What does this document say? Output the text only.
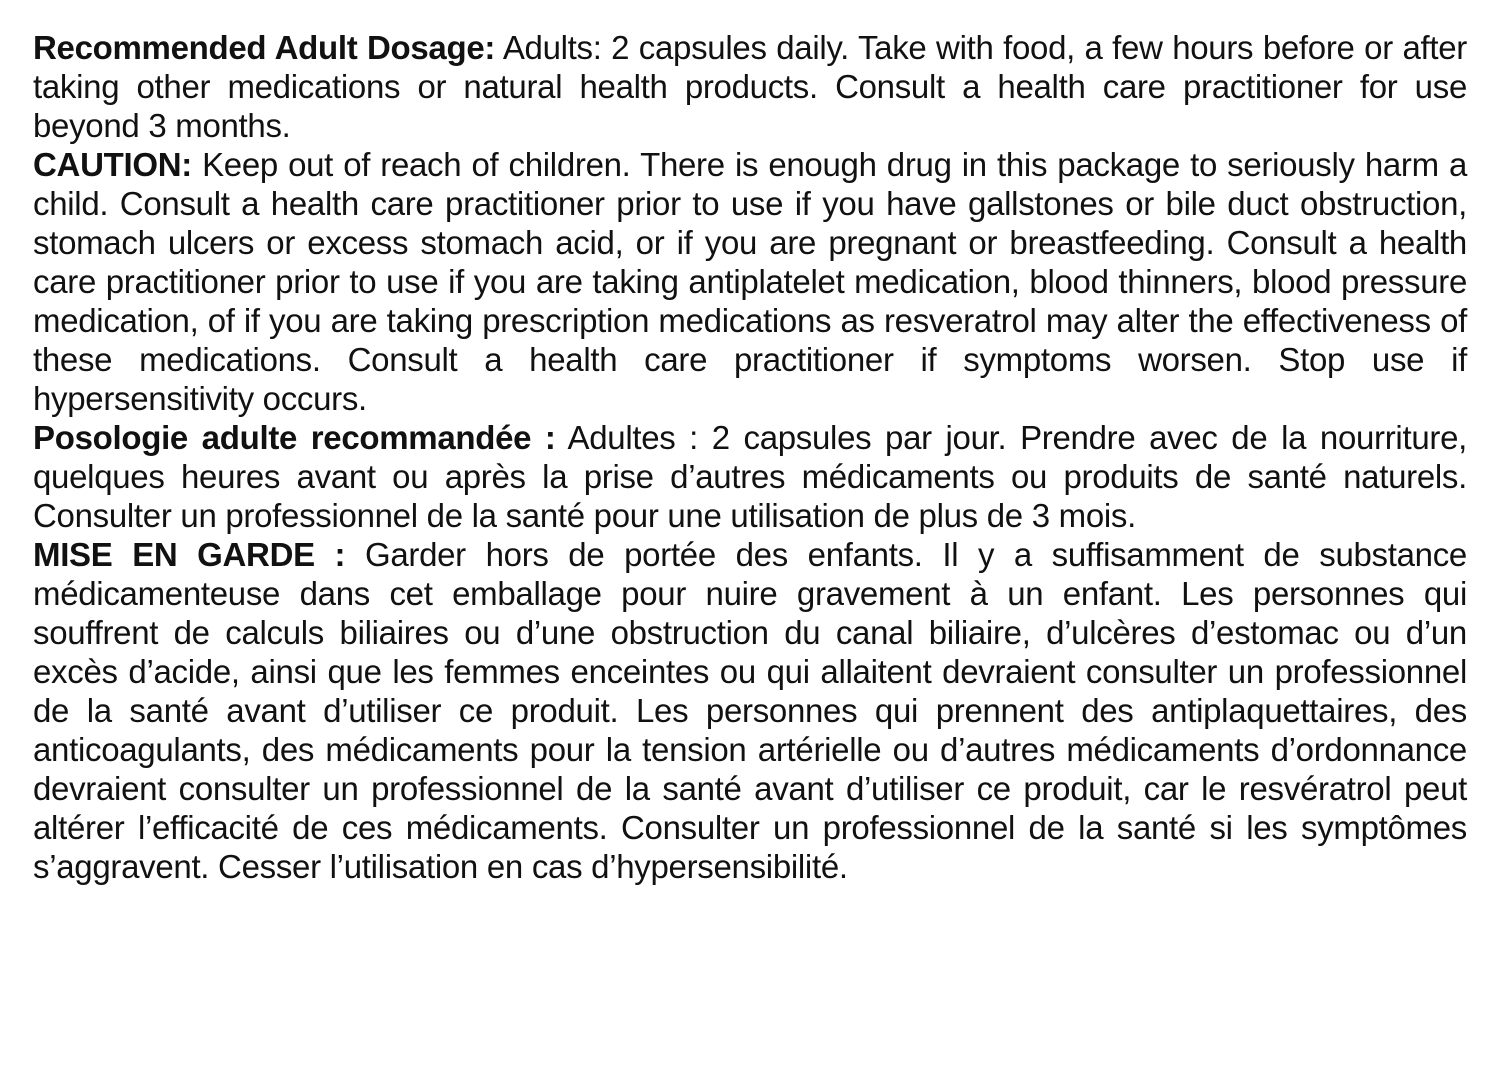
Recommended Adult Dosage: Adults: 2 capsules daily. Take with food, a few hours before or after taking other medications or natural health products. Consult a health care practitioner for use beyond 3 months.

CAUTION: Keep out of reach of children. There is enough drug in this package to seriously harm a child. Consult a health care practitioner prior to use if you have gallstones or bile duct obstruction, stomach ulcers or excess stomach acid, or if you are pregnant or breastfeeding. Consult a health care practitioner prior to use if you are taking antiplatelet medication, blood thinners, blood pressure medication, of if you are taking prescription medications as resveratrol may alter the effectiveness of these medications. Consult a health care practitioner if symptoms worsen. Stop use if hypersensitivity occurs.

Posologie adulte recommandée : Adultes : 2 capsules par jour. Prendre avec de la nourriture, quelques heures avant ou après la prise d’autres médicaments ou produits de santé naturels. Consulter un professionnel de la santé pour une utilisation de plus de 3 mois.

MISE EN GARDE : Garder hors de portée des enfants. Il y a suffisamment de substance médicamenteuse dans cet emballage pour nuire gravement à un enfant. Les personnes qui souffrent de calculs biliaires ou d’une obstruction du canal biliaire, d’ulcères d’estomac ou d’un excès d’acide, ainsi que les femmes enceintes ou qui allaitent devraient consulter un professionnel de la santé avant d’utiliser ce produit. Les personnes qui prennent des antiplaquettaires, des anticoagulants, des médicaments pour la tension artérielle ou d’autres médicaments d’ordonnance devraient consulter un professionnel de la santé avant d’utiliser ce produit, car le resvératrol peut altérer l’efficacité de ces médicaments. Consulter un professionnel de la santé si les symptômes s’aggravent. Cesser l’utilisation en cas d’hypersensibilité.
